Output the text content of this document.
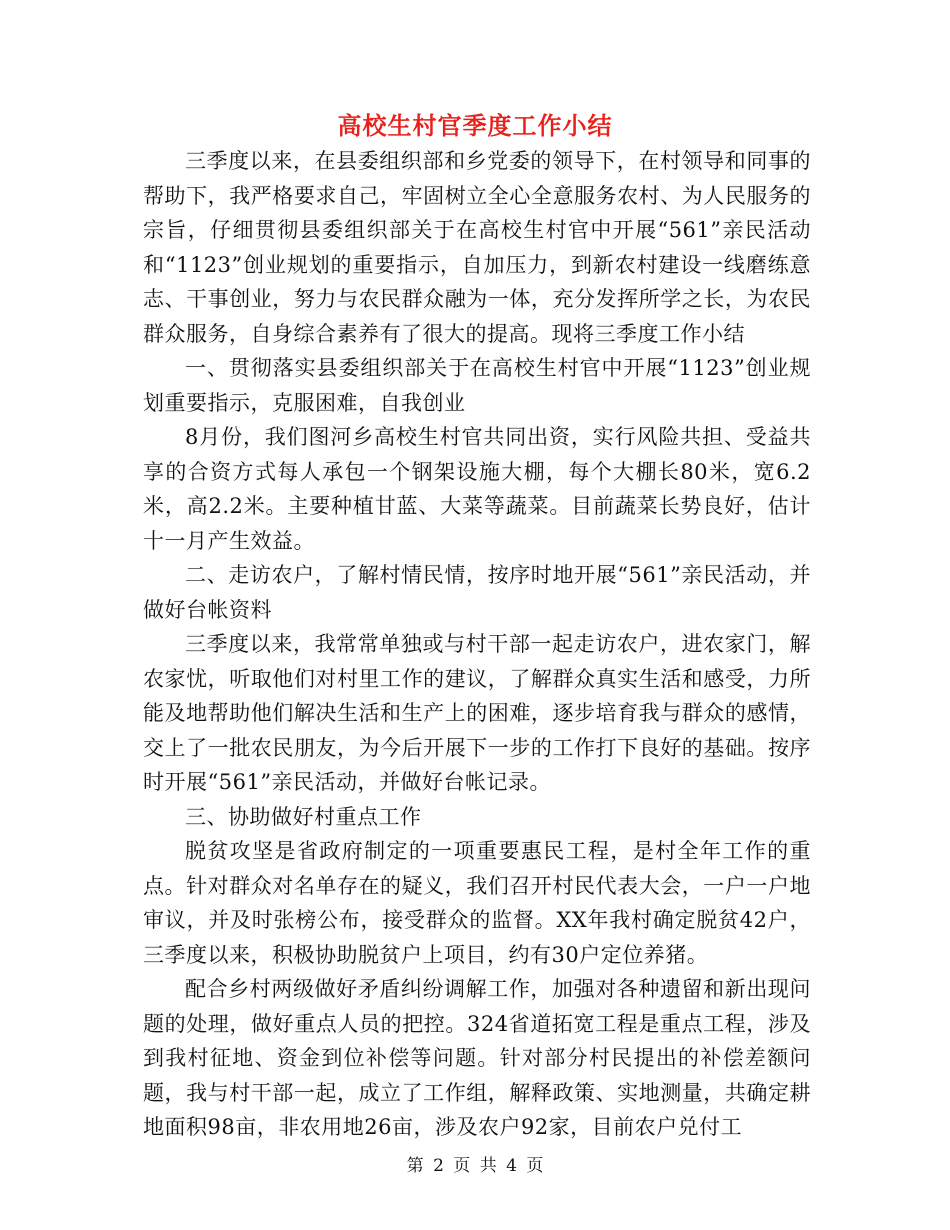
高校生村官季度工作小结

三季度以来，在县委组织部和乡党委的领导下，在村领导和同事的帮助下，我严格要求自己，牢固树立全心全意服务农村、为人民服务的宗旨，仔细贯彻县委组织部关于在高校生村官中开展“561”亲民活动和“1123”创业规划的重要指示，自加压力，到新农村建设一线磨练意志、干事创业，努力与农民群众融为一体，充分发挥所学之长，为农民群众服务，自身综合素养有了很大的提高。现将三季度工作小结

一、贯彻落实县委组织部关于在高校生村官中开展“1123”创业规划重要指示，克服困难，自我创业

8月份，我们图河乡高校生村官共同出资，实行风险共担、受益共享的合资方式每人承包一个钢架设施大棚，每个大棚长80米，宽6.2米，高2.2米。主要种植甘蓝、大菜等蔬菜。目前蔬菜长势良好，估计十一月产生效益。

二、走访农户，了解村情民情，按序时地开展“561”亲民活动，并做好台帐资料

三季度以来，我常常单独或与村干部一起走访农户，进农家门，解农家忧，听取他们对村里工作的建议，了解群众真实生活和感受，力所能及地帮助他们解决生活和生产上的困难，逐步培育我与群众的感情，交上了一批农民朋友，为今后开展下一步的工作打下良好的基础。按序时开展“561”亲民活动，并做好台帐记录。

三、协助做好村重点工作

脱贫攻坚是省政府制定的一项重要惠民工程，是村全年工作的重点。针对群众对名单存在的疑义，我们召开村民代表大会，一户一户地审议，并及时张榜公布，接受群众的监督。XX年我村确定脱贫42户，三季度以来，积极协助脱贫户上项目，约有30户定位养猪。

配合乡村两级做好矛盾纠纷调解工作，加强对各种遗留和新出现问题的处理，做好重点人员的把控。324省道拓宽工程是重点工程，涉及到我村征地、资金到位补偿等问题。针对部分村民提出的补偿差额问题，我与村干部一起，成立了工作组，解释政策、实地测量，共确定耕地面积98亩，非农用地26亩，涉及农户92家，目前农户兑付工

第 2 页 共 4 页
